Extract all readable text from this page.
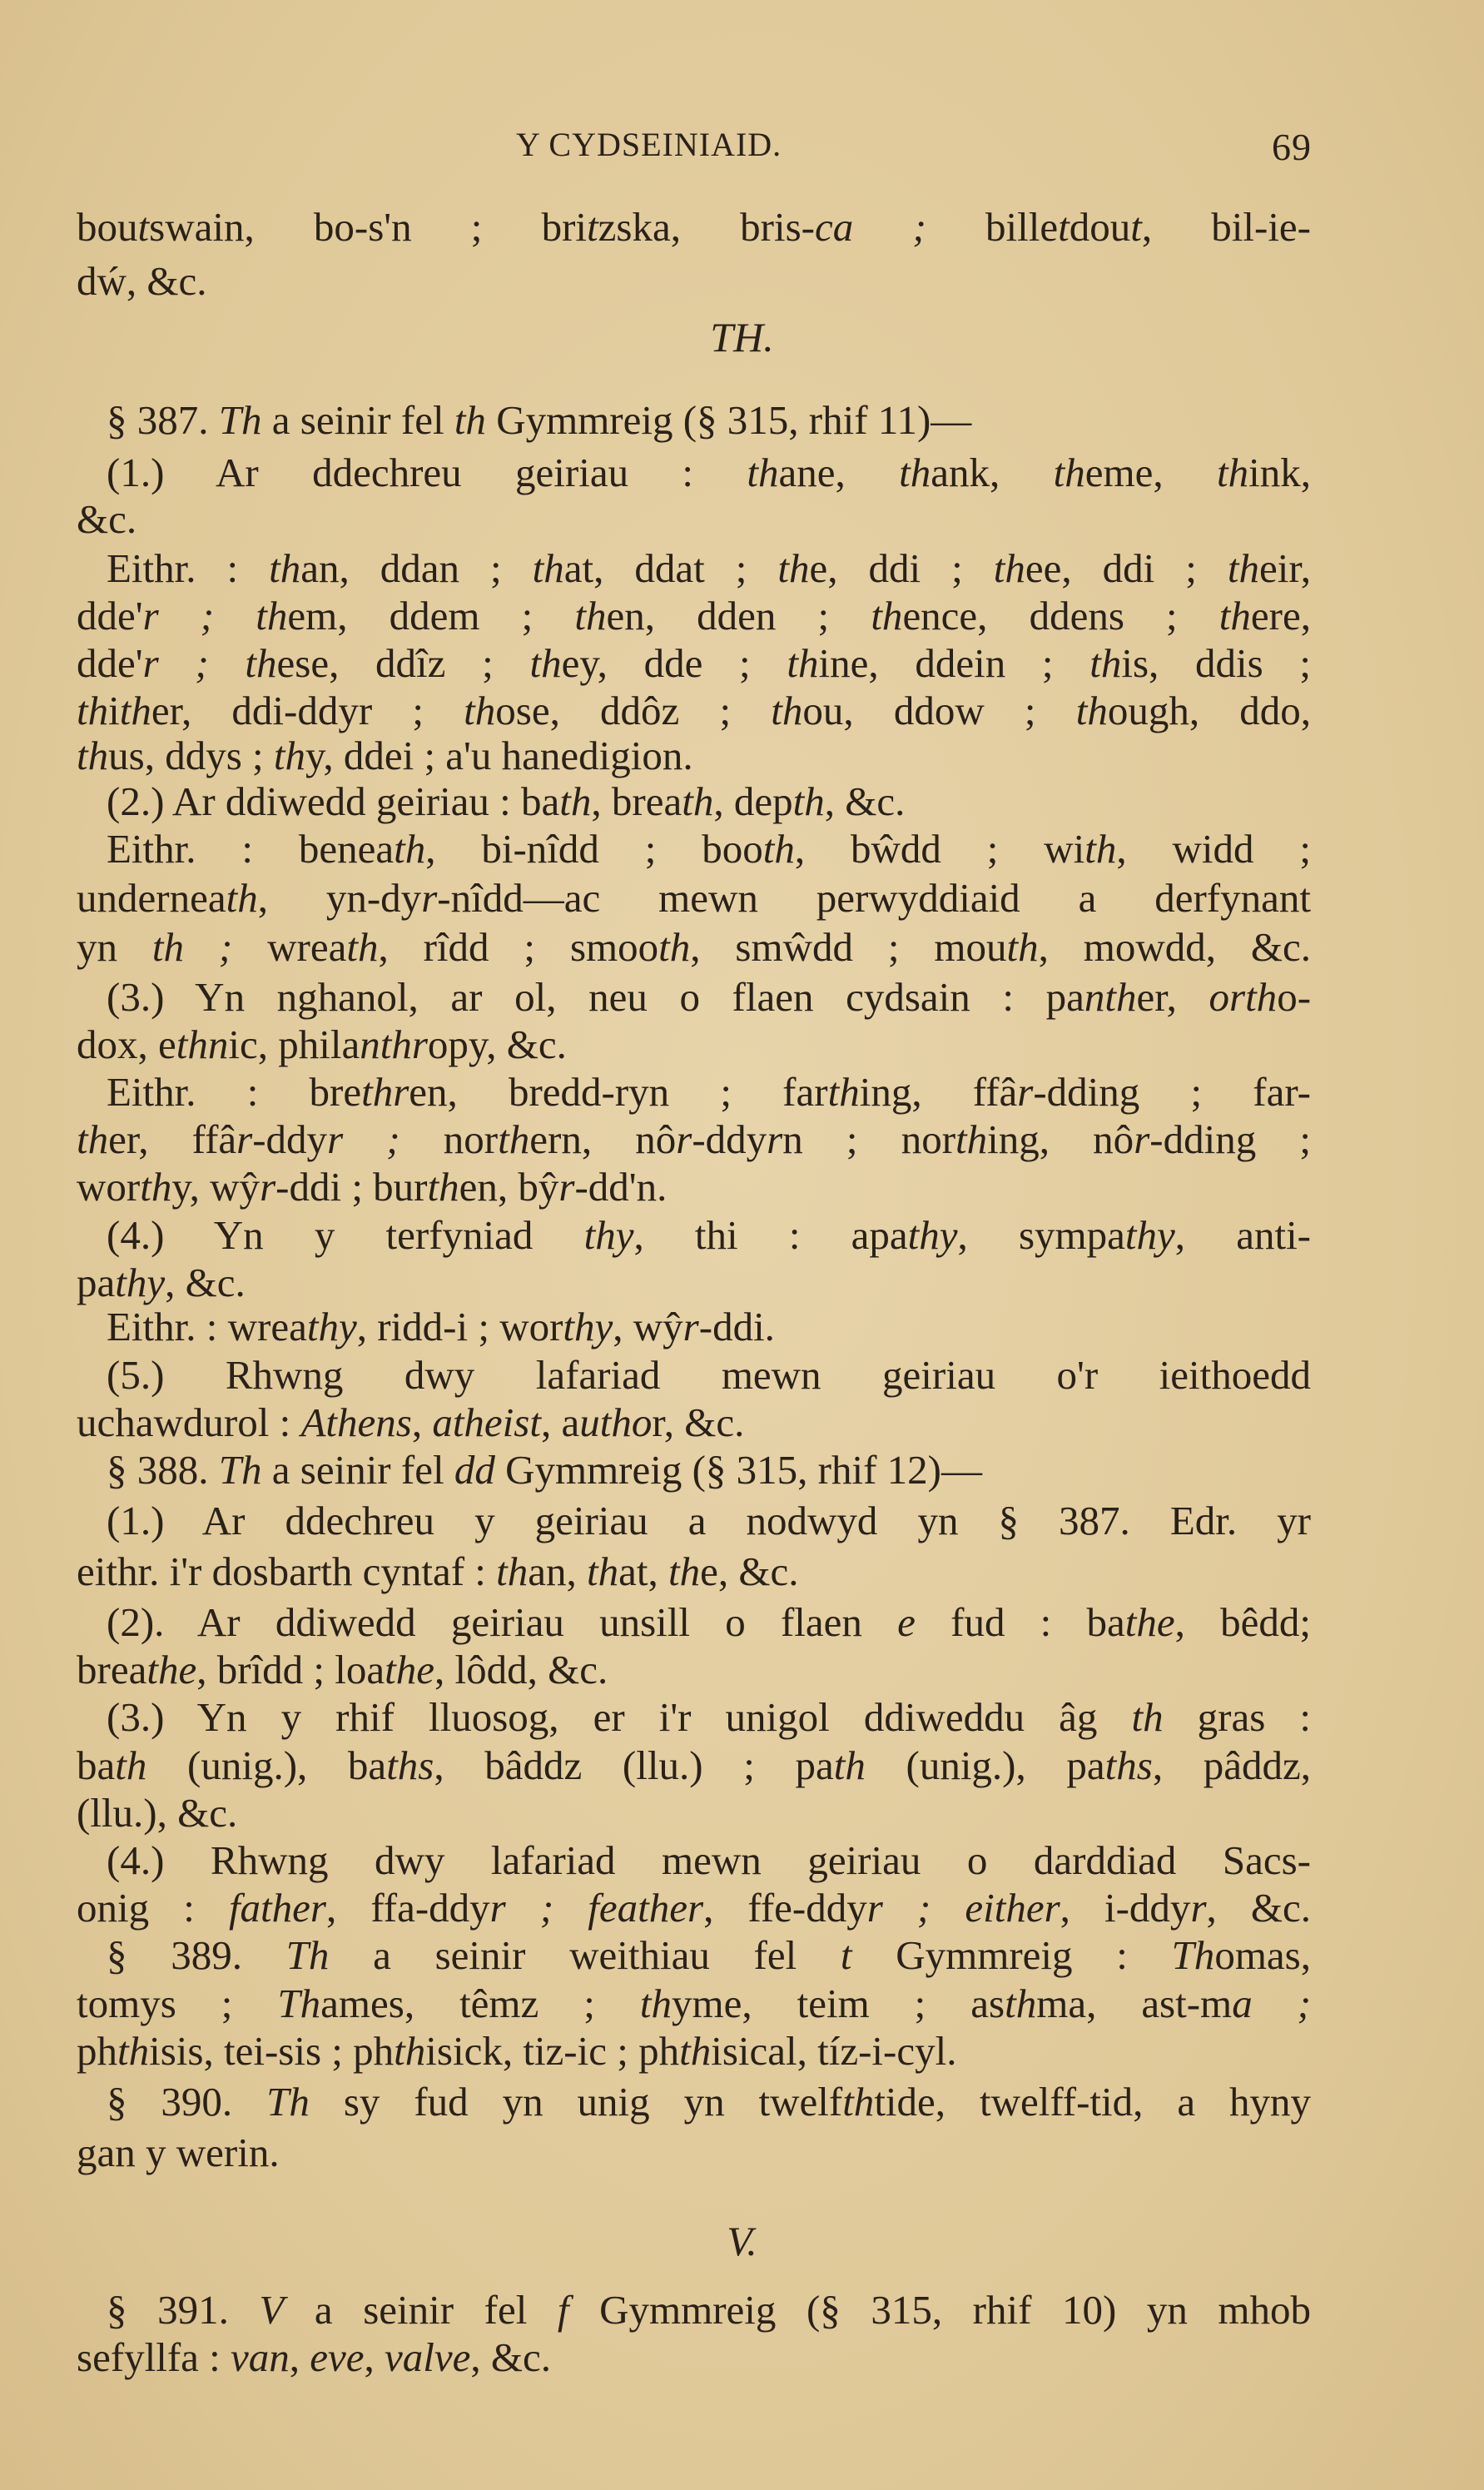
Y CYDSEINIAID.	69
boutswain, bo-s'n ; britzska, bris-ca ; billetdout, bil-ie-
dẃ, &c.
TH.
§ 387. Th a seinir fel th Gymmreig (§ 315, rhif 11)—
(1.) Ar ddechreu geiriau : thane, thank, theme, think,
&c.
Eithr. : than, ddan ; that, ddat ; the, ddi ; thee, ddi ; their,
dde'r ; them, ddem ; then, dden ; thence, ddens ; there,
dde'r ; these, ddîz ; they, dde ; thine, ddein ; this, ddis ;
thither, ddi-ddyr ; those, ddôz ; thou, ddow ; though, ddo,
thus, ddys ; thy, ddei ; a'u hanedigion.
(2.) Ar ddiwedd geiriau : bath, breath, depth, &c.
Eithr. : beneath, bi-nîdd ; booth, bŵdd ; with, widd ;
underneath, yn-dyr-nîdd—ac mewn perwyddiaid a derfynant
yn th ; wreath, rîdd ; smooth, smŵdd ; mouth, mowdd, &c.
(3.) Yn nghanol, ar ol, neu o flaen cydsain : panther, ortho-
dox, ethnic, philanthropy, &c.
Eithr. : brethren, bredd-ryn ; farthing, ffâr-dding ; far-
ther, ffâr-ddyr ; northern, nôr-ddyrn ; northing, nôr-dding ;
worthy, wŷr-ddi ; burthen, bŷr-dd'n.
(4.) Yn y terfyniad thy, thi : apathy, sympathy, anti-
pathy, &c.
Eithr. : wreathy, ridd-i ; worthy, wŷr-ddi.
(5.) Rhwng dwy lafariad mewn geiriau o'r ieithoedd
uchawdurol : Athens, atheist, author, &c.
§ 388. Th a seinir fel dd Gymmreig (§ 315, rhif 12)—
(1.) Ar ddechreu y geiriau a nodwyd yn § 387. Edr. yr
eithr. i'r dosbarth cyntaf : than, that, the, &c.
(2). Ar ddiwedd geiriau unsill o flaen e fud : bathe, bêdd;
breathe, brîdd ; loathe, lôdd, &c.
(3.) Yn y rhif lluosog, er i'r unigol ddiweddu âg th gras :
bath (unig.), baths, bâddz (llu.) ; path (unig.), paths, pâddz,
(llu.), &c.
(4.) Rhwng dwy lafariad mewn geiriau o darddiad Sacs-
onig : father, ffa-ddyr ; feather, ffe-ddyr ; either, i-ddyr, &c.
§ 389. Th a seinir weithiau fel t Gymmreig : Thomas,
tomys ; Thames, têmz ; thyme, teim ; asthma, ast-ma ;
phthisis, tei-sis ; phthisick, tiz-ic ; phthisical, tíz-i-cyl.
§ 390. Th sy fud yn unig yn twelfthtide, twelff-tid, a hyny
gan y werin.
V.
§ 391. V a seinir fel f Gymmreig (§ 315, rhif 10) yn mhob
sefyllfa : van, eve, valve, &c.
